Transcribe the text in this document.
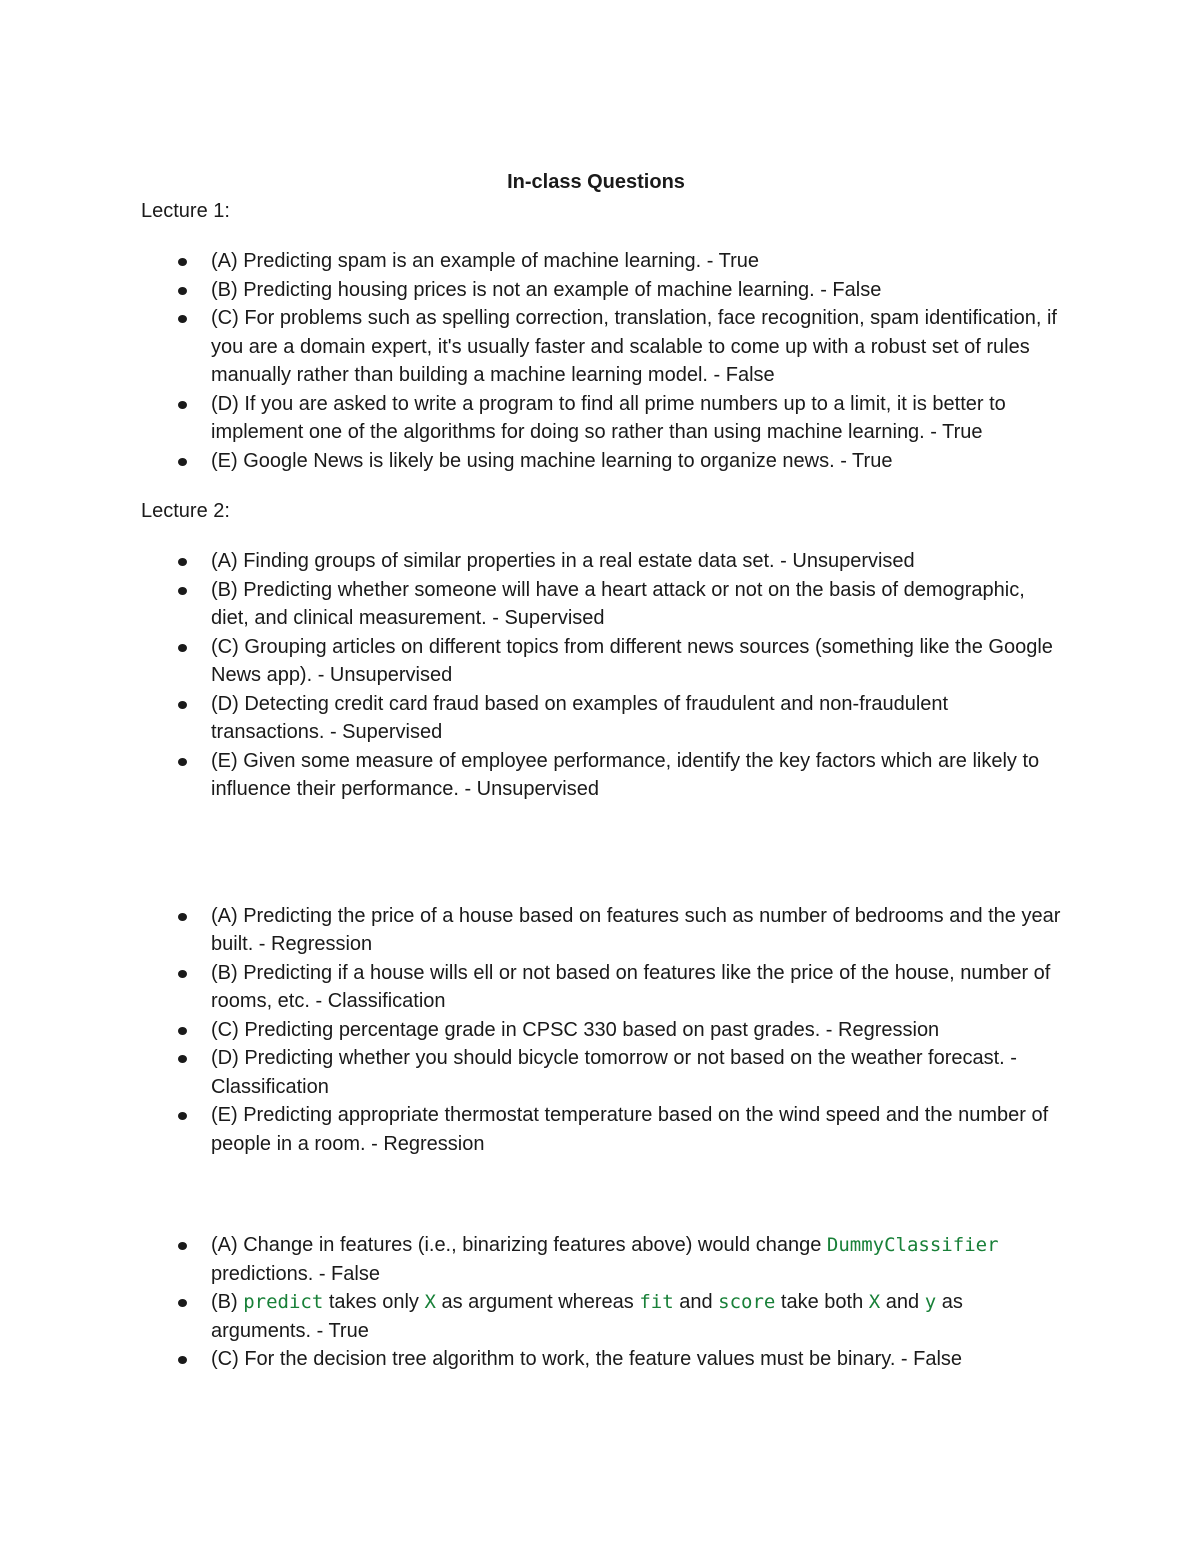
In-class Questions
Lecture 1:
(A) Predicting spam is an example of machine learning. - True
(B) Predicting housing prices is not an example of machine learning. - False
(C) For problems such as spelling correction, translation, face recognition, spam identification, if you are a domain expert, it's usually faster and scalable to come up with a robust set of rules manually rather than building a machine learning model. - False
(D) If you are asked to write a program to find all prime numbers up to a limit, it is better to implement one of the algorithms for doing so rather than using machine learning. - True
(E) Google News is likely be using machine learning to organize news. - True
Lecture 2:
(A) Finding groups of similar properties in a real estate data set. - Unsupervised
(B) Predicting whether someone will have a heart attack or not on the basis of demographic, diet, and clinical measurement. - Supervised
(C) Grouping articles on different topics from different news sources (something like the Google News app). - Unsupervised
(D) Detecting credit card fraud based on examples of fraudulent and non-fraudulent transactions. - Supervised
(E) Given some measure of employee performance, identify the key factors which are likely to influence their performance. - Unsupervised
(A) Predicting the price of a house based on features such as number of bedrooms and the year built. - Regression
(B) Predicting if a house wills ell or not based on features like the price of the house, number of rooms, etc. - Classification
(C) Predicting percentage grade in CPSC 330 based on past grades. - Regression
(D) Predicting whether you should bicycle tomorrow or not based on the weather forecast. - Classification
(E) Predicting appropriate thermostat temperature based on the wind speed and the number of people in a room. - Regression
(A) Change in features (i.e., binarizing features above) would change DummyClassifier predictions. - False
(B) predict takes only X as argument whereas fit and score take both X and y as arguments. - True
(C) For the decision tree algorithm to work, the feature values must be binary. - False
